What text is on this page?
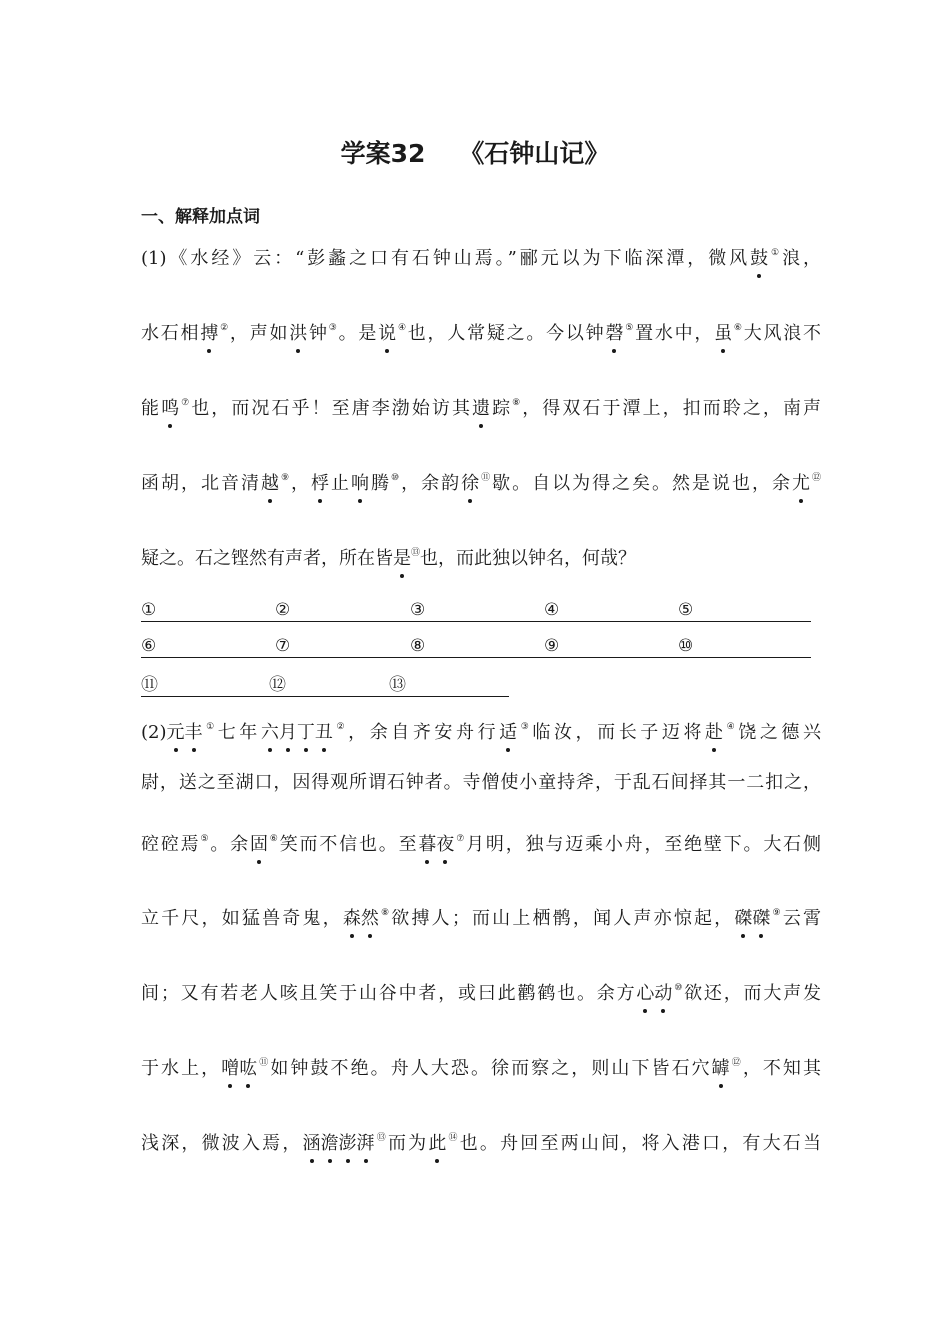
学案32 《石钟山记》
一、解释加点词
(1)《水经》云：“彭蠡之口有石钟山焉。”郦元以为下临深潭，微风鼓①浪，
水石相搏②，声如洪钟③。是说④也，人常疑之。今以钟磬⑤置水中，虽⑥大风浪不
能鸣⑦也，而况石乎！至唐李渤始访其遗踪⑧，得双石于潭上，扣而聆之，南声
函胡，北音清越⑨，桴止响腾⑩，余韵徐⑪歇。自以为得之矣。然是说也，余尤⑫
疑之。石之铿然有声者，所在皆是⑬也，而此独以钟名，何哉？
①	②	③	④	⑤
⑥	⑦	⑧	⑨	⑩
⑪	⑫	⑬
(2)元丰①七年六月丁丑②，余自齐安舟行适③临汝，而长子迈将赴④饶之德兴
尉，送之至湖口，因得观所谓石钟者。寺僧使小童持斧，于乱石间择其一二扣之，
硿硿焉⑤。余固⑥笑而不信也。至暮夜⑦月明，独与迈乘小舟，至绝壁下。大石侧
立千尺，如猛兽奇鬼，森然⑧欲搏人；而山上栖鹘，闻人声亦惊起，磔磔⑨云霄
间；又有若老人咳且笑于山谷中者，或曰此鹳鹤也。余方心动⑩欲还，而大声发
于水上，噌吰⑪如钟鼓不绝。舟人大恐。徐而察之，则山下皆石穴罅⑫，不知其
浅深，微波入焉，涵澹澎湃⑬而为此⑭也。舟回至两山间，将入港口，有大石当
